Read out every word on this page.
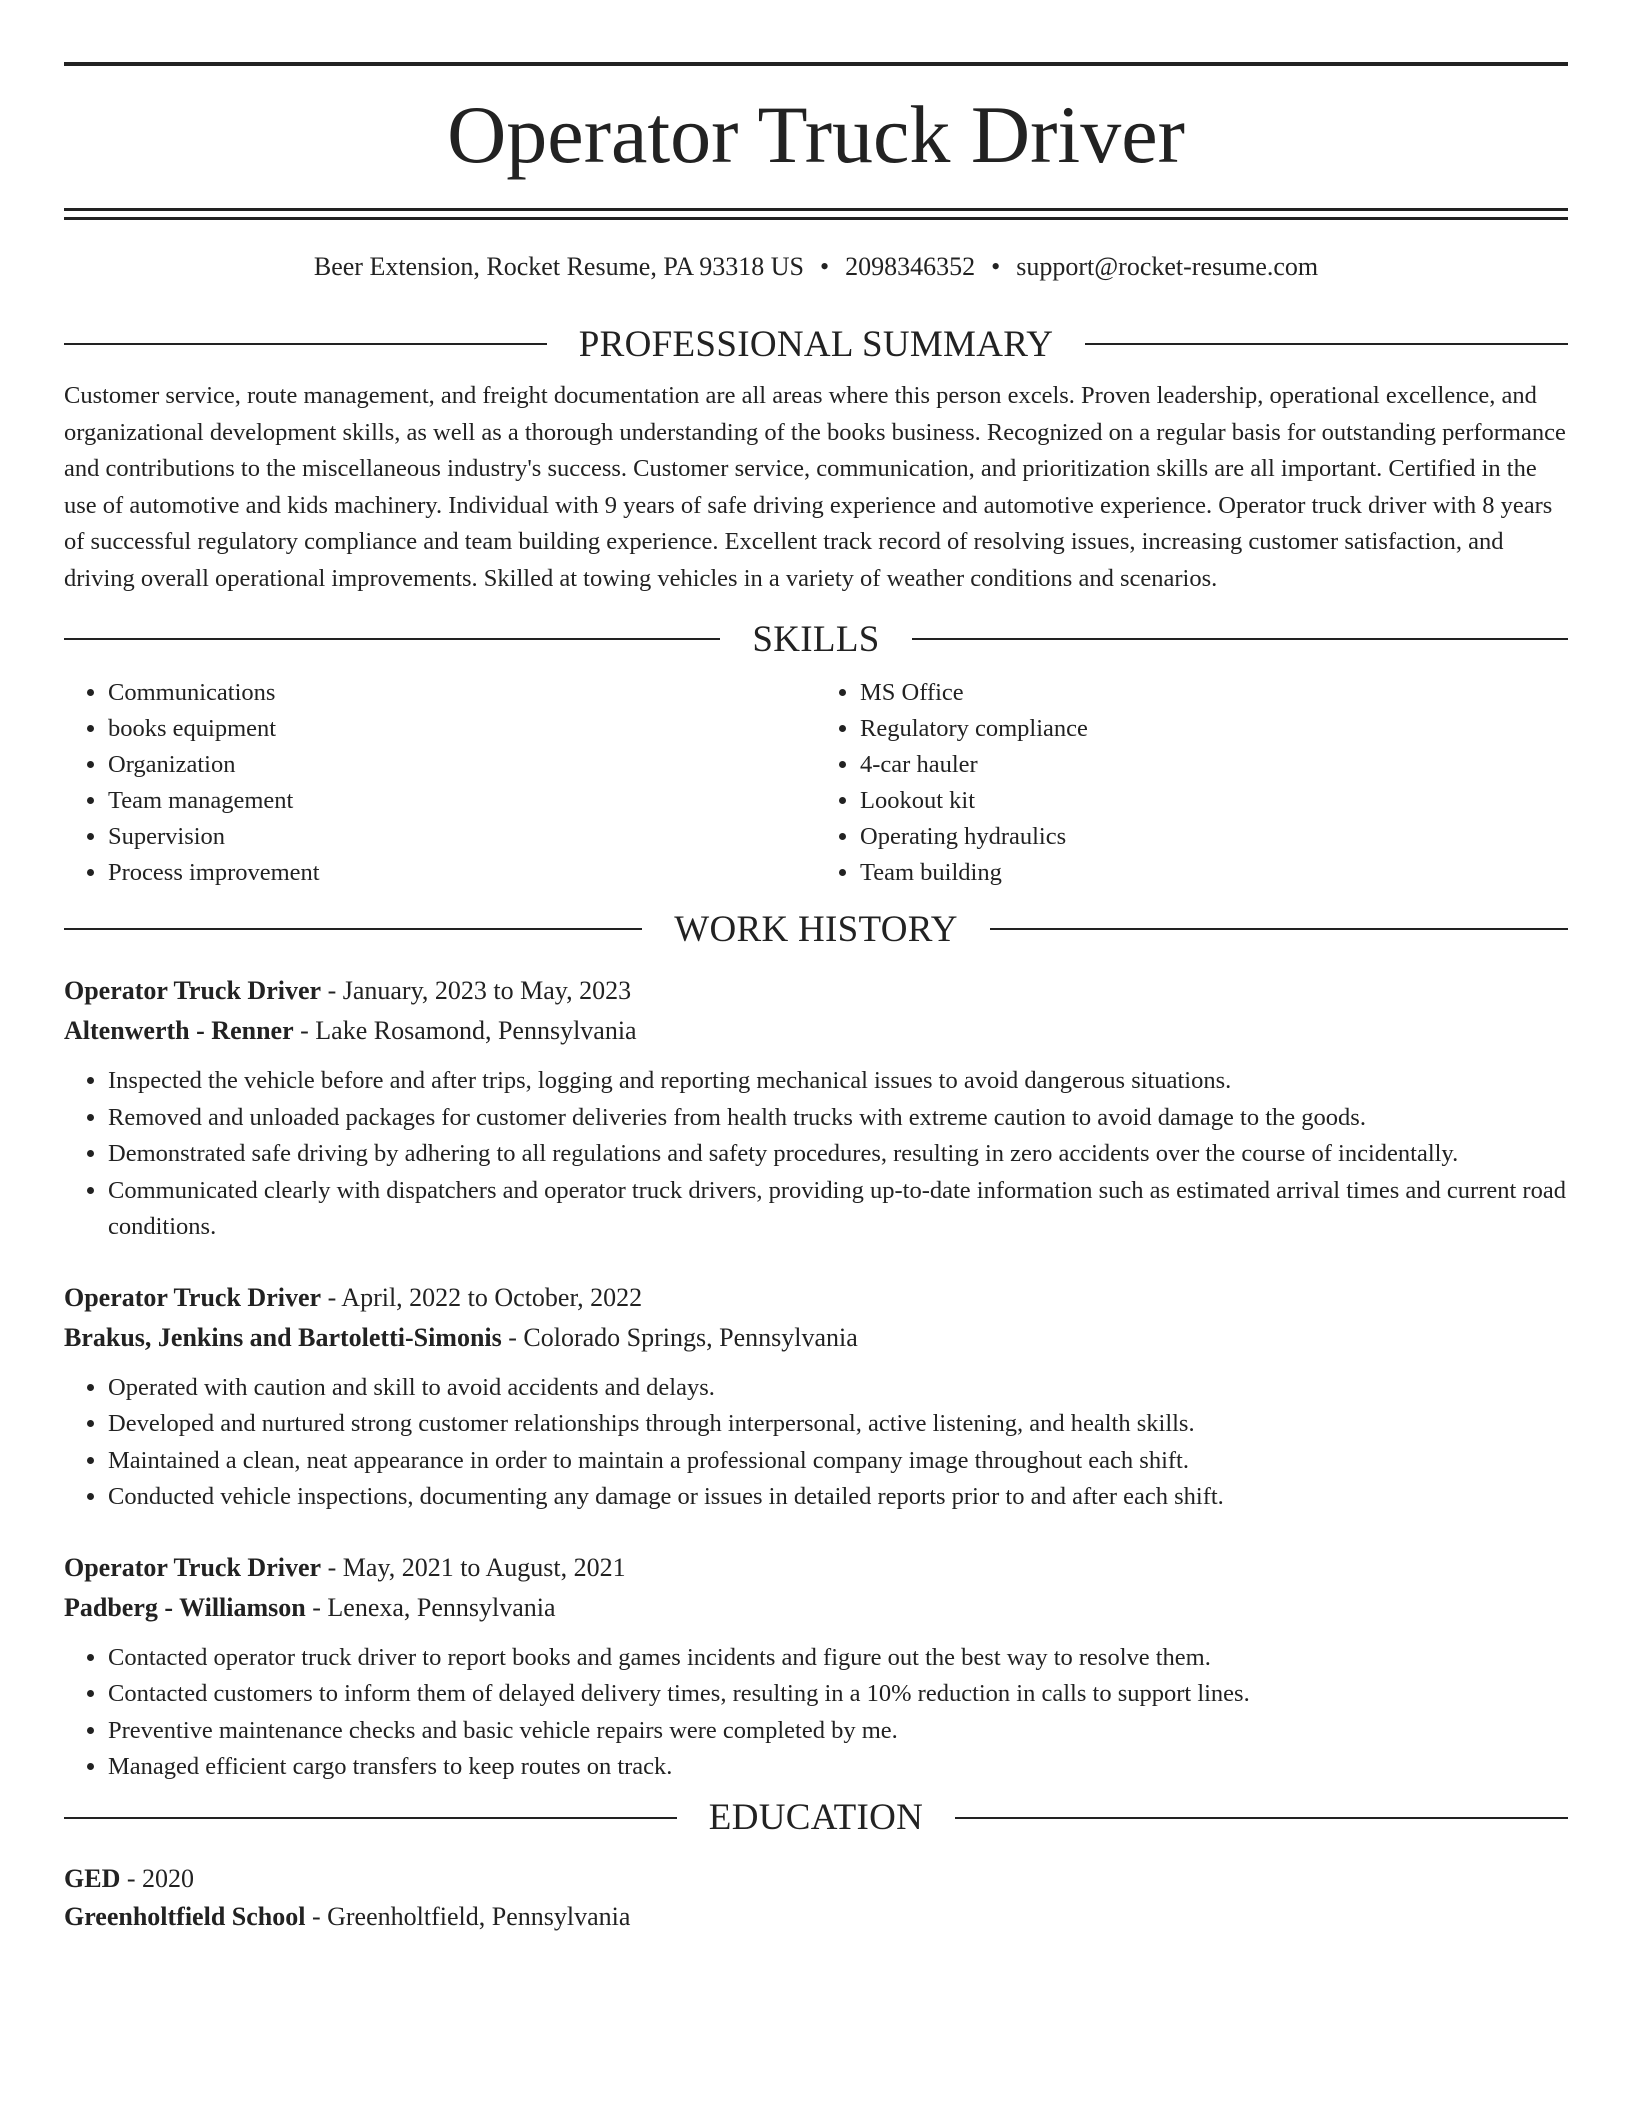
Operator Truck Driver
Beer Extension, Rocket Resume, PA 93318 US • 2098346352 • support@rocket-resume.com
PROFESSIONAL SUMMARY

Customer service, route management, and freight documentation are all areas where this person excels. Proven leadership, operational excellence, and organizational development skills, as well as a thorough understanding of the books business. Recognized on a regular basis for outstanding performance and contributions to the miscellaneous industry's success. Customer service, communication, and prioritization skills are all important. Certified in the use of automotive and kids machinery. Individual with 9 years of safe driving experience and automotive experience. Operator truck driver with 8 years of successful regulatory compliance and team building experience. Excellent track record of resolving issues, increasing customer satisfaction, and driving overall operational improvements. Skilled at towing vehicles in a variety of weather conditions and scenarios.

SKILLS
• Communications
• books equipment
• Organization
• Team management
• Supervision
• Process improvement
• MS Office
• Regulatory compliance
• 4-car hauler
• Lookout kit
• Operating hydraulics
• Team building
WORK HISTORY
Operator Truck Driver - January, 2023 to May, 2023
Altenwerth - Renner - Lake Rosamond, Pennsylvania
• Inspected the vehicle before and after trips, logging and reporting mechanical issues to avoid dangerous situations.
• Removed and unloaded packages for customer deliveries from health trucks with extreme caution to avoid damage to the goods.
• Demonstrated safe driving by adhering to all regulations and safety procedures, resulting in zero accidents over the course of incidentally.
• Communicated clearly with dispatchers and operator truck drivers, providing up-to-date information such as estimated arrival times and current road conditions.
Operator Truck Driver - April, 2022 to October, 2022
Brakus, Jenkins and Bartoletti-Simonis - Colorado Springs, Pennsylvania
• Operated with caution and skill to avoid accidents and delays.
• Developed and nurtured strong customer relationships through interpersonal, active listening, and health skills.
• Maintained a clean, neat appearance in order to maintain a professional company image throughout each shift.
• Conducted vehicle inspections, documenting any damage or issues in detailed reports prior to and after each shift.
Operator Truck Driver - May, 2021 to August, 2021
Padberg - Williamson - Lenexa, Pennsylvania
• Contacted operator truck driver to report books and games incidents and figure out the best way to resolve them.
• Contacted customers to inform them of delayed delivery times, resulting in a 10% reduction in calls to support lines.
• Preventive maintenance checks and basic vehicle repairs were completed by me.
• Managed efficient cargo transfers to keep routes on track.
EDUCATION
GED - 2020
Greenholtfield School - Greenholtfield, Pennsylvania
